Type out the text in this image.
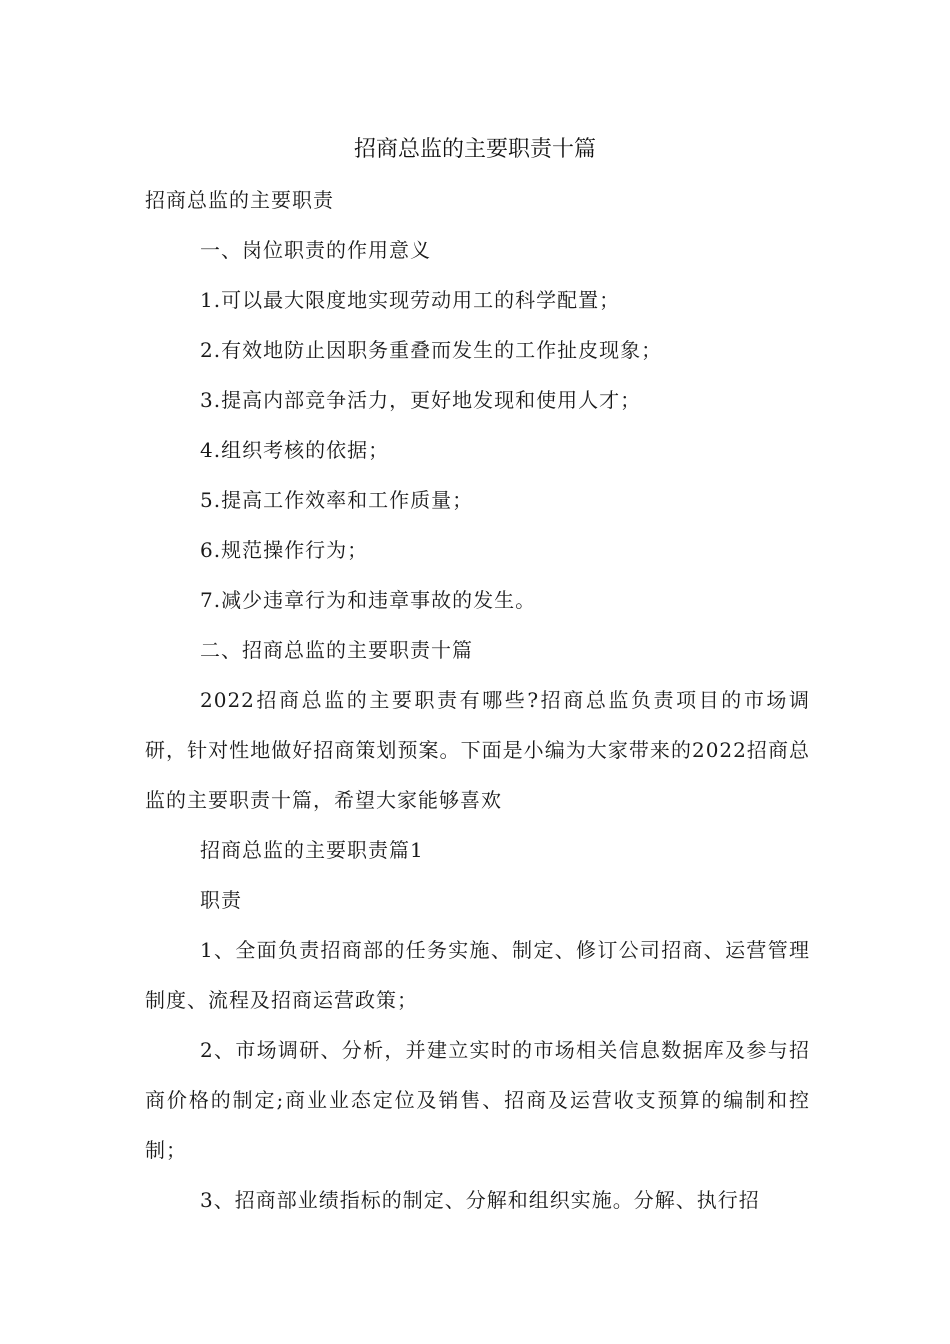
招商总监的主要职责十篇

招商总监的主要职责

一、岗位职责的作用意义

1.可以最大限度地实现劳动用工的科学配置；

2.有效地防止因职务重叠而发生的工作扯皮现象；

3.提高内部竞争活力，更好地发现和使用人才；

4.组织考核的依据；

5.提高工作效率和工作质量；

6.规范操作行为；

7.减少违章行为和违章事故的发生。

二、招商总监的主要职责十篇

2022招商总监的主要职责有哪些?招商总监负责项目的市场调研，针对性地做好招商策划预案。下面是小编为大家带来的2022招商总监的主要职责十篇，希望大家能够喜欢

招商总监的主要职责篇1

职责

1、全面负责招商部的任务实施、制定、修订公司招商、运营管理制度、流程及招商运营政策；

2、市场调研、分析，并建立实时的市场相关信息数据库及参与招商价格的制定;商业业态定位及销售、招商及运营收支预算的编制和控制；

3、招商部业绩指标的制定、分解和组织实施。分解、执行招
